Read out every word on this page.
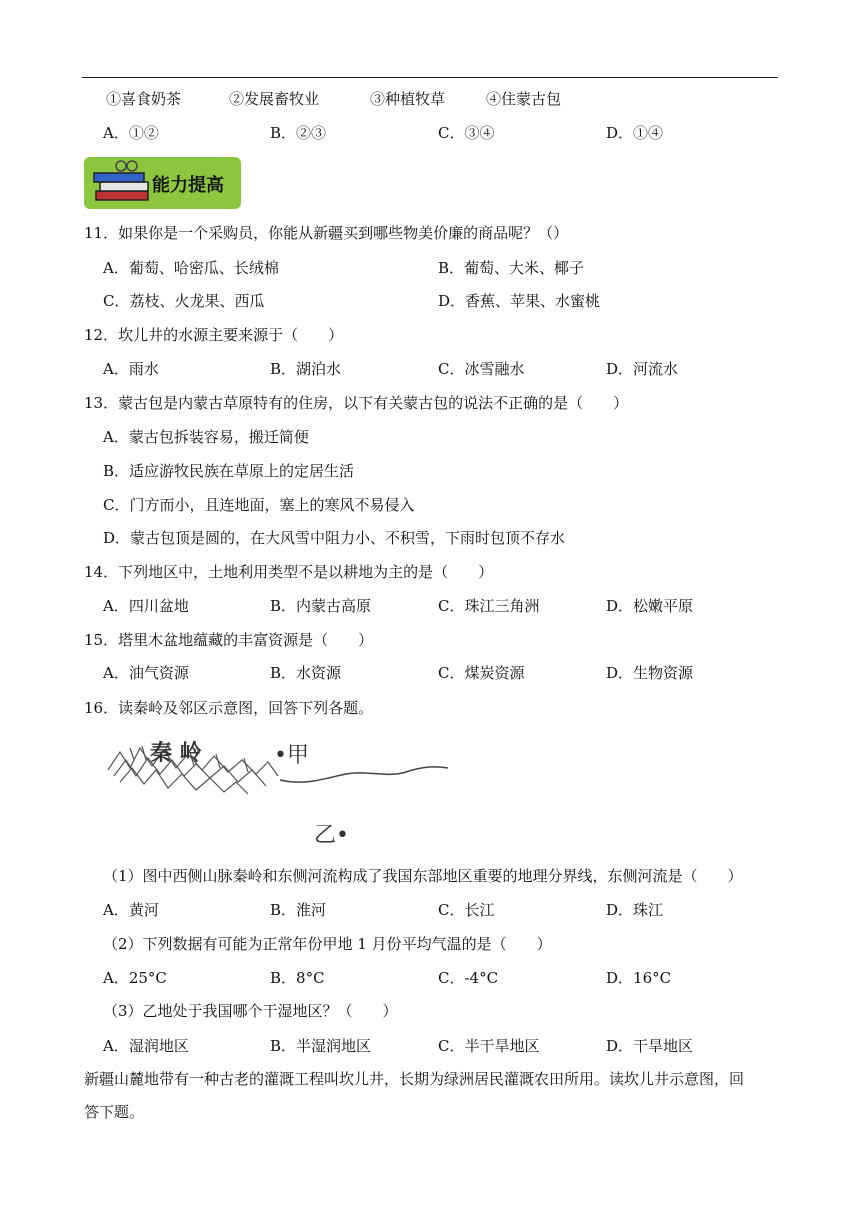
①喜食奶茶	②发展畜牧业	③种植牧草	④住蒙古包
A．①②	B．②③	C．③④	D．①④
能力提高
11．如果你是一个采购员，你能从新疆买到哪些物美价廉的商品呢？（）
A．葡萄、哈密瓜、长绒棉	B．葡萄、大米、椰子
C．荔枝、火龙果、西瓜	D．香蕉、苹果、水蜜桃
12．坎儿井的水源主要来源于（　　）
A．雨水	B．湖泊水	C．冰雪融水	D．河流水
13．蒙古包是内蒙古草原特有的住房，以下有关蒙古包的说法不正确的是（　　）
A．蒙古包拆装容易，搬迁简便
B．适应游牧民族在草原上的定居生活
C．门方而小，且连地面，塞上的寒风不易侵入
D．蒙古包顶是圆的，在大风雪中阻力小、不积雪，下雨时包顶不存水
14．下列地区中，土地利用类型不是以耕地为主的是（　　）
A．四川盆地	B．内蒙古高原	C．珠江三角洲	D．松嫩平原
15．塔里木盆地蕴藏的丰富资源是（　　）
A．油气资源	B．水资源	C．煤炭资源	D．生物资源
16．读秦岭及邻区示意图，回答下列各题。
秦 岭	•甲
乙•
（1）图中西侧山脉秦岭和东侧河流构成了我国东部地区重要的地理分界线，东侧河流是（　　）
A．黄河	B．淮河	C．长江	D．珠江
（2）下列数据有可能为正常年份甲地 1 月份平均气温的是（　　）
A．25°C	B．8°C	C．-4°C	D．16°C
（3）乙地处于我国哪个干湿地区？（　　）
A．湿润地区	B．半湿润地区	C．半干旱地区	D．干旱地区
新疆山麓地带有一种古老的灌溉工程叫坎儿井，长期为绿洲居民灌溉农田所用。读坎儿井示意图，回
答下题。
